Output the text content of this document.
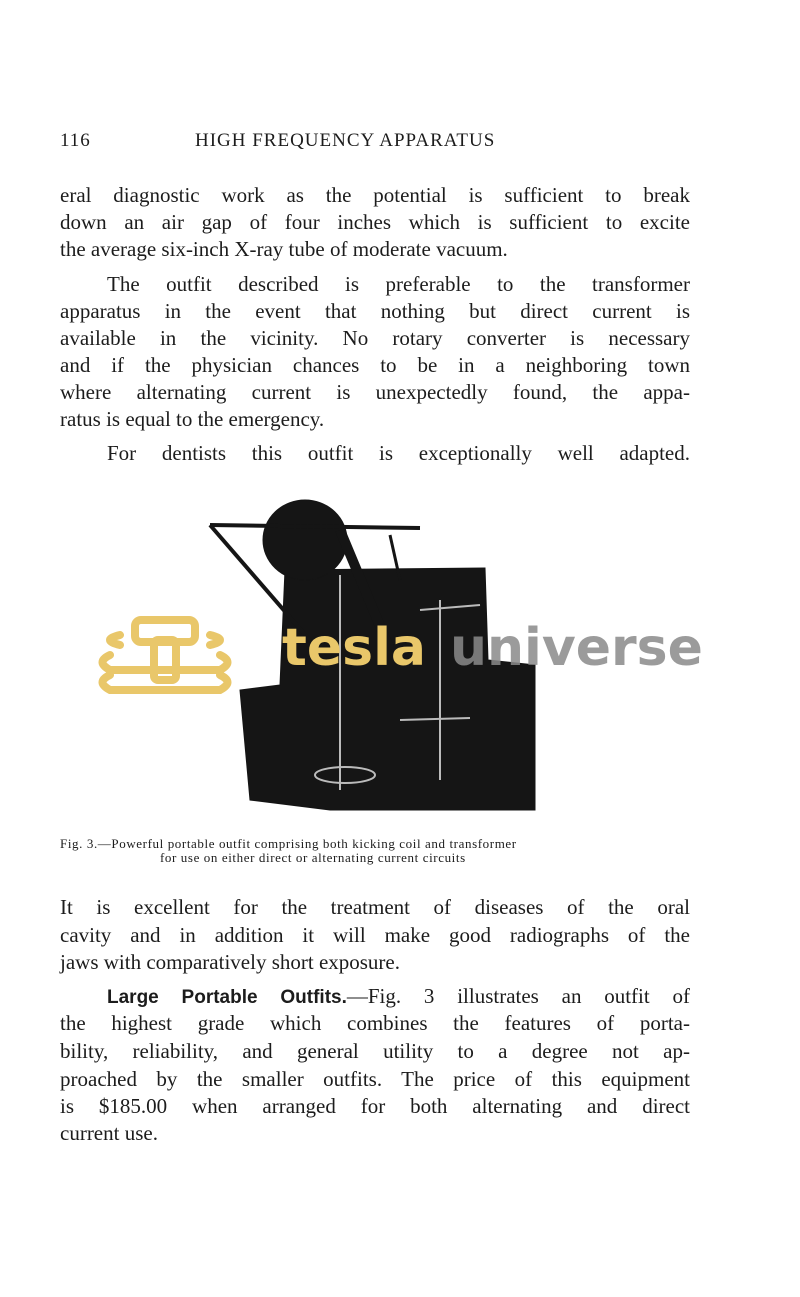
116	HIGH FREQUENCY APPARATUS
eral diagnostic work as the potential is sufficient to break
down an air gap of four inches which is sufficient to excite
the average six-inch X-ray tube of moderate vacuum.
The outfit described is preferable to the transformer
apparatus in the event that nothing but direct current is
available in the vicinity. No rotary converter is necessary
and if the physician chances to be in a neighboring town
where alternating current is unexpectedly found, the appa-
ratus is equal to the emergency.
For dentists this outfit is exceptionally well adapted.
tesla universe
Fig. 3.—Powerful portable outfit comprising both kicking coil and transformer
for use on either direct or alternating current circuits
It is excellent for the treatment of diseases of the oral
cavity and in addition it will make good radiographs of the
jaws with comparatively short exposure.
Large Portable Outfits.—Fig. 3 illustrates an outfit of
the highest grade which combines the features of porta-
bility, reliability, and general utility to a degree not ap-
proached by the smaller outfits. The price of this equipment
is $185.00 when arranged for both alternating and direct
current use.
